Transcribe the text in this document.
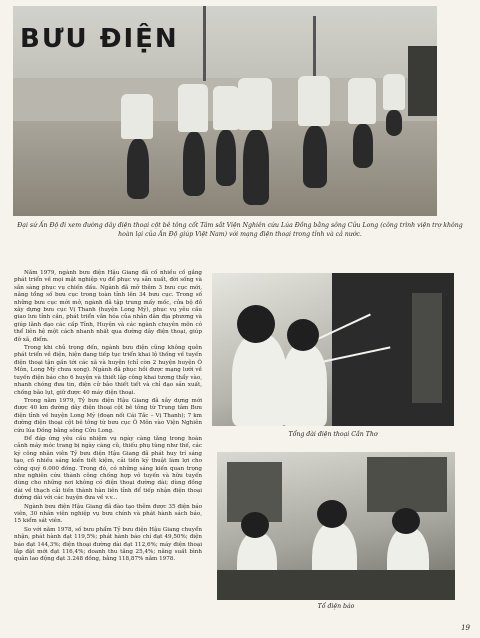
BƯU ĐIỆN
Đại sứ Ấn Độ đi xem đường dây điện thoại cột bê tông cốt Tâm sắt Viện Nghiên cứu Lúa Đồng bằng sông Cửu Long (công trình viện trợ không hoàn lại của Ấn Độ giúp Việt Nam) với mạng điện thoại trong tỉnh và cả nước.

Năm 1979, ngành bưu điện Hậu Giang đã cố nhiều cố gắng phát triển về mọi mặt nghiệp vụ để phục vụ sản xuất, đời sống và sẵn sàng phục vụ chiến đấu. Ngành đã mở thêm 3 bưu cục mới, nâng tổng số bưu cục trong toàn tỉnh lên 34 bưu cục. Trong số những bưu cục mới mở, ngành đã tập trung mấy mốc, cửa bộ đồ xây dựng bưu cục Vị Thanh (huyện Long Mỹ), phục vụ yêu cầu giao lưu tỉnh cần, phát triển văn hóa của nhân dân địa phương và giúp lãnh đạo các cấp Tỉnh, Huyện và các ngành chuyên môn có thể liên hệ một cách nhanh nhất qua đường dây điện thoại, giúp đỡ xã, điểm.

Trong khi chủ trọng đến, ngành bưu điện cũng không quên phát triển về điện, hiện đang tiếp tục triển khai lộ thống về tuyến điện thoại tận gần tới các xã và huyện (chỉ còn 2 huyện huyện Ô Môn, Long Mỹ chưa xong). Ngành đã phục hồi được mạng lưới về tuyến điện báo cho 6 huyện và thiết lập công khai tương thẩy vào, nhanh chóng đưa tin, điện cử bảo thiết tiết và chỉ đạo sản xuất, chống bão lụt, giữ được 40 máy điện thoại.

Trong năm 1979, Tỷ bưu điện Hậu Giang đã xây dựng mới được 40 km đường dây điện thoại cột bê tông từ Trung tâm Bưu điện tỉnh về huyện Long Mỹ (đoạn nối Cái Tắc – Vị Thanh); 7 km đường điện thoại cột bê tông từ bưu cục Ô Môn vào Viện Nghiên cứu lúa Đồng bằng sông Cửu Long.

Để đáp ứng yêu cầu nhiệm vụ ngày càng tăng trong hoàn cảnh máy móc trang bị ngày càng cũ, thiếu phụ tùng như thế, các kỹ công nhân viên Tỷ bưu điện Hậu Giang đã phát huy trí sáng tạo, cố nhiều sáng kiến tiết kiệm, cải tiến kỹ thuật làm lợi cho công quỹ 6.000 đồng. Trong đó, có những sáng kiến quan trọng như nghiên cứu thành công chống hợp vô tuyến và hữu tuyến dùng cho những nơi không có điện thoại đường dài; dùng đồng dài về thạch cải tiến thành hàn liên tỉnh để tiếp nhận điện thoại đường dài với các huyện đưa về v.v...

Ngành bưu điện Hậu Giang đã đào tạo thêm được 35 điện báo viên, 30 nhân viên nghiệp vụ bưu chính và phát hành sách báo, 15 kiểm sát viên.

So với năm 1978, số bưu phẩm Tỷ bưu điện Hậu Giang chuyển nhận, phát hành đạt 119,5%; phát hành báo chí đạt 49,50%; điện báo đạt 144,3%; điện thoại đường dài đạt 112,6%; máy điện thoại lắp đặt mới đạt 116,4%; doanh thu tăng 25,4%; năng suất bình quân lao động đạt 3.248 đồng, bằng 118,87% năm 1978.

Tổng đài điện thoại Cần Thơ
Tổ điện báo
19
